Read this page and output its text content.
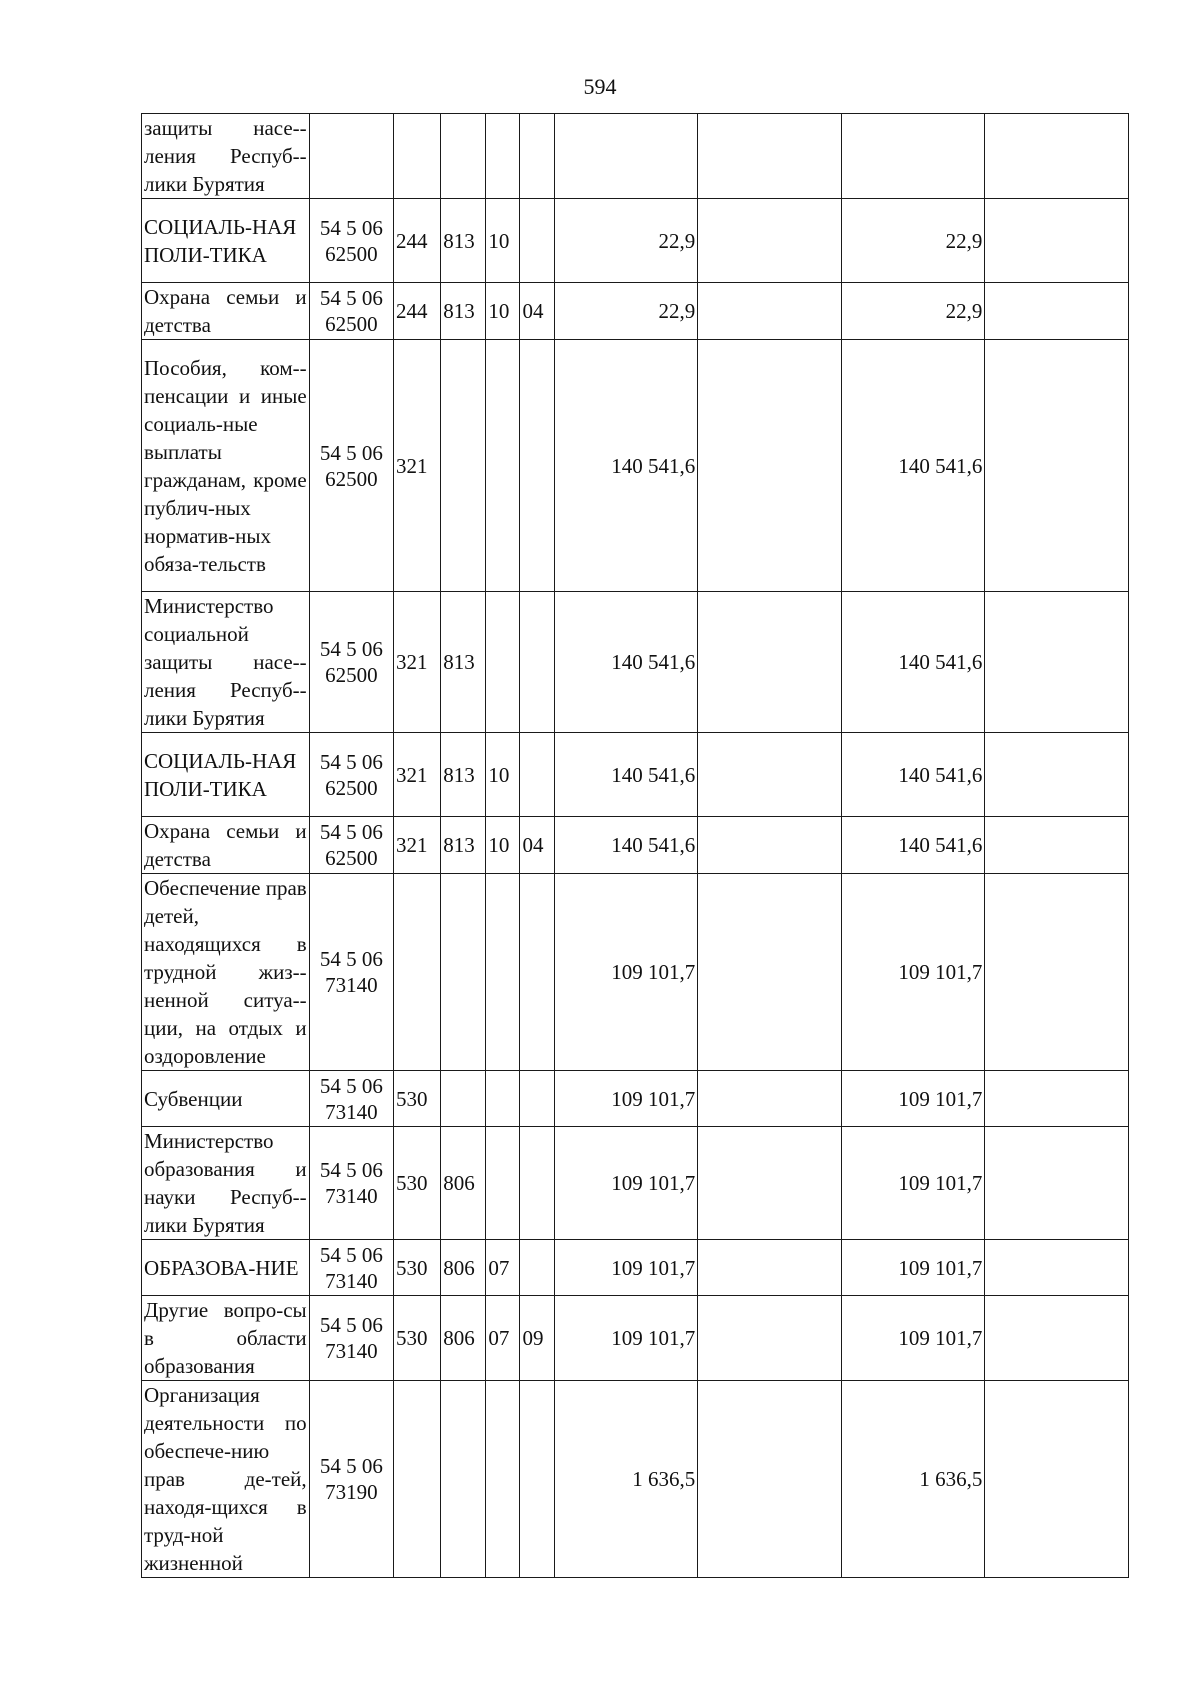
594
защиты насе-ления Респуб-лики Бурятия									
СОЦИАЛЬ-НАЯ ПОЛИ-ТИКА	54 5 06 62500	244	813	10		22,9		22,9	
Охрана семьи и детства	54 5 06 62500	244	813	10	04	22,9		22,9	
Пособия, ком-пенсации и иные социаль-ные выплаты гражданам, кроме публич-ных норматив-ных обяза-тельств	54 5 06 62500	321				140 541,6		140 541,6	
Министерство социальной защиты насе-ления Респуб-лики Бурятия	54 5 06 62500	321	813			140 541,6		140 541,6	
СОЦИАЛЬ-НАЯ ПОЛИ-ТИКА	54 5 06 62500	321	813	10		140 541,6		140 541,6	
Охрана семьи и детства	54 5 06 62500	321	813	10	04	140 541,6		140 541,6	
Обеспечение прав детей, находящихся в трудной жиз-ненной ситуа-ции, на отдых и оздоровление	54 5 06 73140					109 101,7		109 101,7	
Субвенции	54 5 06 73140	530				109 101,7		109 101,7	
Министерство образования и науки Респуб-лики Бурятия	54 5 06 73140	530	806			109 101,7		109 101,7	
ОБРАЗОВА-НИЕ	54 5 06 73140	530	806	07		109 101,7		109 101,7	
Другие вопро-сы в области образования	54 5 06 73140	530	806	07	09	109 101,7		109 101,7	
Организация деятельности по обеспече-нию прав де-тей, находя-щихся в труд-ной жизненной	54 5 06 73190					1 636,5		1 636,5	
